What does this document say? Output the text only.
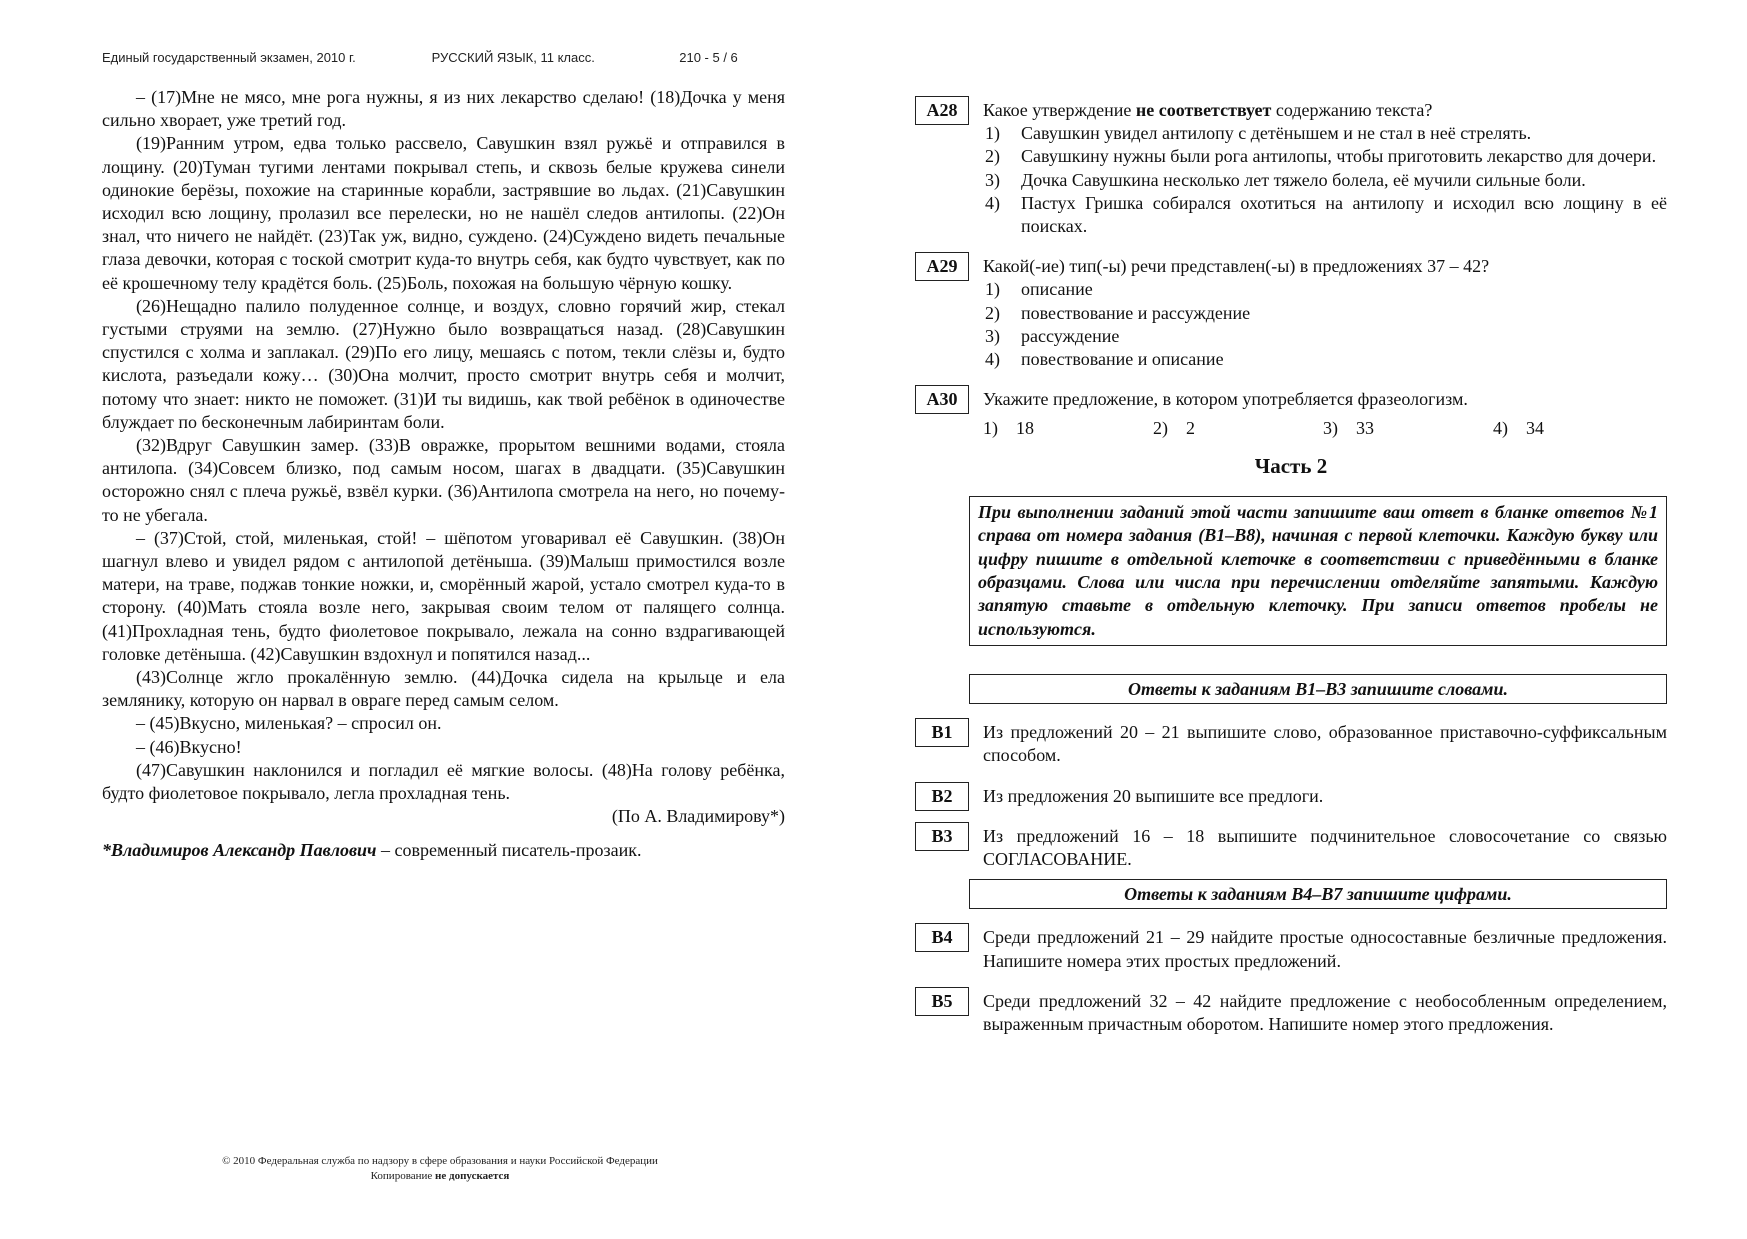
Единый государственный экзамен, 2010 г.	РУССКИЙ ЯЗЫК, 11 класс.	210 - 5 / 6

– (17)Мне не мясо, мне рога нужны, я из них лекарство сделаю! (18)Дочка у меня сильно хворает, уже третий год.

(19)Ранним утром, едва только рассвело, Савушкин взял ружьё и отправился в лощину. (20)Туман тугими лентами покрывал степь, и сквозь белые кружева синели одинокие берёзы, похожие на старинные корабли, застрявшие во льдах. (21)Савушкин исходил всю лощину, пролазил все перелески, но не нашёл следов антилопы. (22)Он знал, что ничего не найдёт. (23)Так уж, видно, суждено. (24)Суждено видеть печальные глаза девочки, которая с тоской смотрит куда-то внутрь себя, как будто чувствует, как по её крошечному телу крадётся боль. (25)Боль, похожая на большую чёрную кошку.

(26)Нещадно палило полуденное солнце, и воздух, словно горячий жир, стекал густыми струями на землю. (27)Нужно было возвращаться назад. (28)Савушкин спустился с холма и заплакал. (29)По его лицу, мешаясь с потом, текли слёзы и, будто кислота, разъедали кожу… (30)Она молчит, просто смотрит внутрь себя и молчит, потому что знает: никто не поможет. (31)И ты видишь, как твой ребёнок в одиночестве блуждает по бесконечным лабиринтам боли.

(32)Вдруг Савушкин замер. (33)В овражке, прорытом вешними водами, стояла антилопа. (34)Совсем близко, под самым носом, шагах в двадцати. (35)Савушкин осторожно снял с плеча ружьё, взвёл курки. (36)Антилопа смотрела на него, но почему-то не убегала.

– (37)Стой, стой, миленькая, стой! – шёпотом уговаривал её Савушкин. (38)Он шагнул влево и увидел рядом с антилопой детёныша. (39)Малыш примостился возле матери, на траве, поджав тонкие ножки, и, сморённый жарой, устало смотрел куда-то в сторону. (40)Мать стояла возле него, закрывая своим телом от палящего солнца. (41)Прохладная тень, будто фиолетовое покрывало, лежала на сонно вздрагивающей головке детёныша. (42)Савушкин вздохнул и попятился назад...

(43)Солнце жгло прокалённую землю. (44)Дочка сидела на крыльце и ела землянику, которую он нарвал в овраге перед самым селом.

– (45)Вкусно, миленькая? – спросил он.

– (46)Вкусно!

(47)Савушкин наклонился и погладил её мягкие волосы. (48)На голову ребёнка, будто фиолетовое покрывало, легла прохладная тень.

(По А. Владимирову*)

*Владимиров Александр Павлович – современный писатель-прозаик.

© 2010 Федеральная служба по надзору в сфере образования и науки Российской Федерации
Копирование не допускается
A28	Какое утверждение не соответствует содержанию текста?
1)	Савушкин увидел антилопу с детёнышем и не стал в неё стрелять.
2)	Савушкину нужны были рога антилопы, чтобы приготовить лекарство для дочери.
3)	Дочка Савушкина несколько лет тяжело болела, её мучили сильные боли.
4)	Пастух Гришка собирался охотиться на антилопу и исходил всю лощину в её поисках.
A29	Какой(-ие) тип(-ы) речи представлен(-ы) в предложениях 37 – 42?
1)	описание
2)	повествование и рассуждение
3)	рассуждение
4)	повествование и описание
A30	Укажите предложение, в котором употребляется фразеологизм.
1) 18	2) 2	3) 33	4) 34
Часть 2
При выполнении заданий этой части запишите ваш ответ в бланке ответов №1 справа от номера задания (В1–В8), начиная с первой клеточки. Каждую букву или цифру пишите в отдельной клеточке в соответствии с приведёнными в бланке образцами. Слова или числа при перечислении отделяйте запятыми. Каждую запятую ставьте в отдельную клеточку. При записи ответов пробелы не используются.
Ответы к заданиям В1–В3 запишите словами.
B1	Из предложений 20 – 21 выпишите слово, образованное приставочно-суффиксальным способом.
B2	Из предложения 20 выпишите все предлоги.
B3	Из предложений 16 – 18 выпишите подчинительное словосочетание со связью СОГЛАСОВАНИЕ.
Ответы к заданиям В4–В7 запишите цифрами.
B4	Среди предложений 21 – 29 найдите простые односоставные безличные предложения. Напишите номера этих простых предложений.
B5	Среди предложений 32 – 42 найдите предложение с необособленным определением, выраженным причастным оборотом. Напишите номер этого предложения.
